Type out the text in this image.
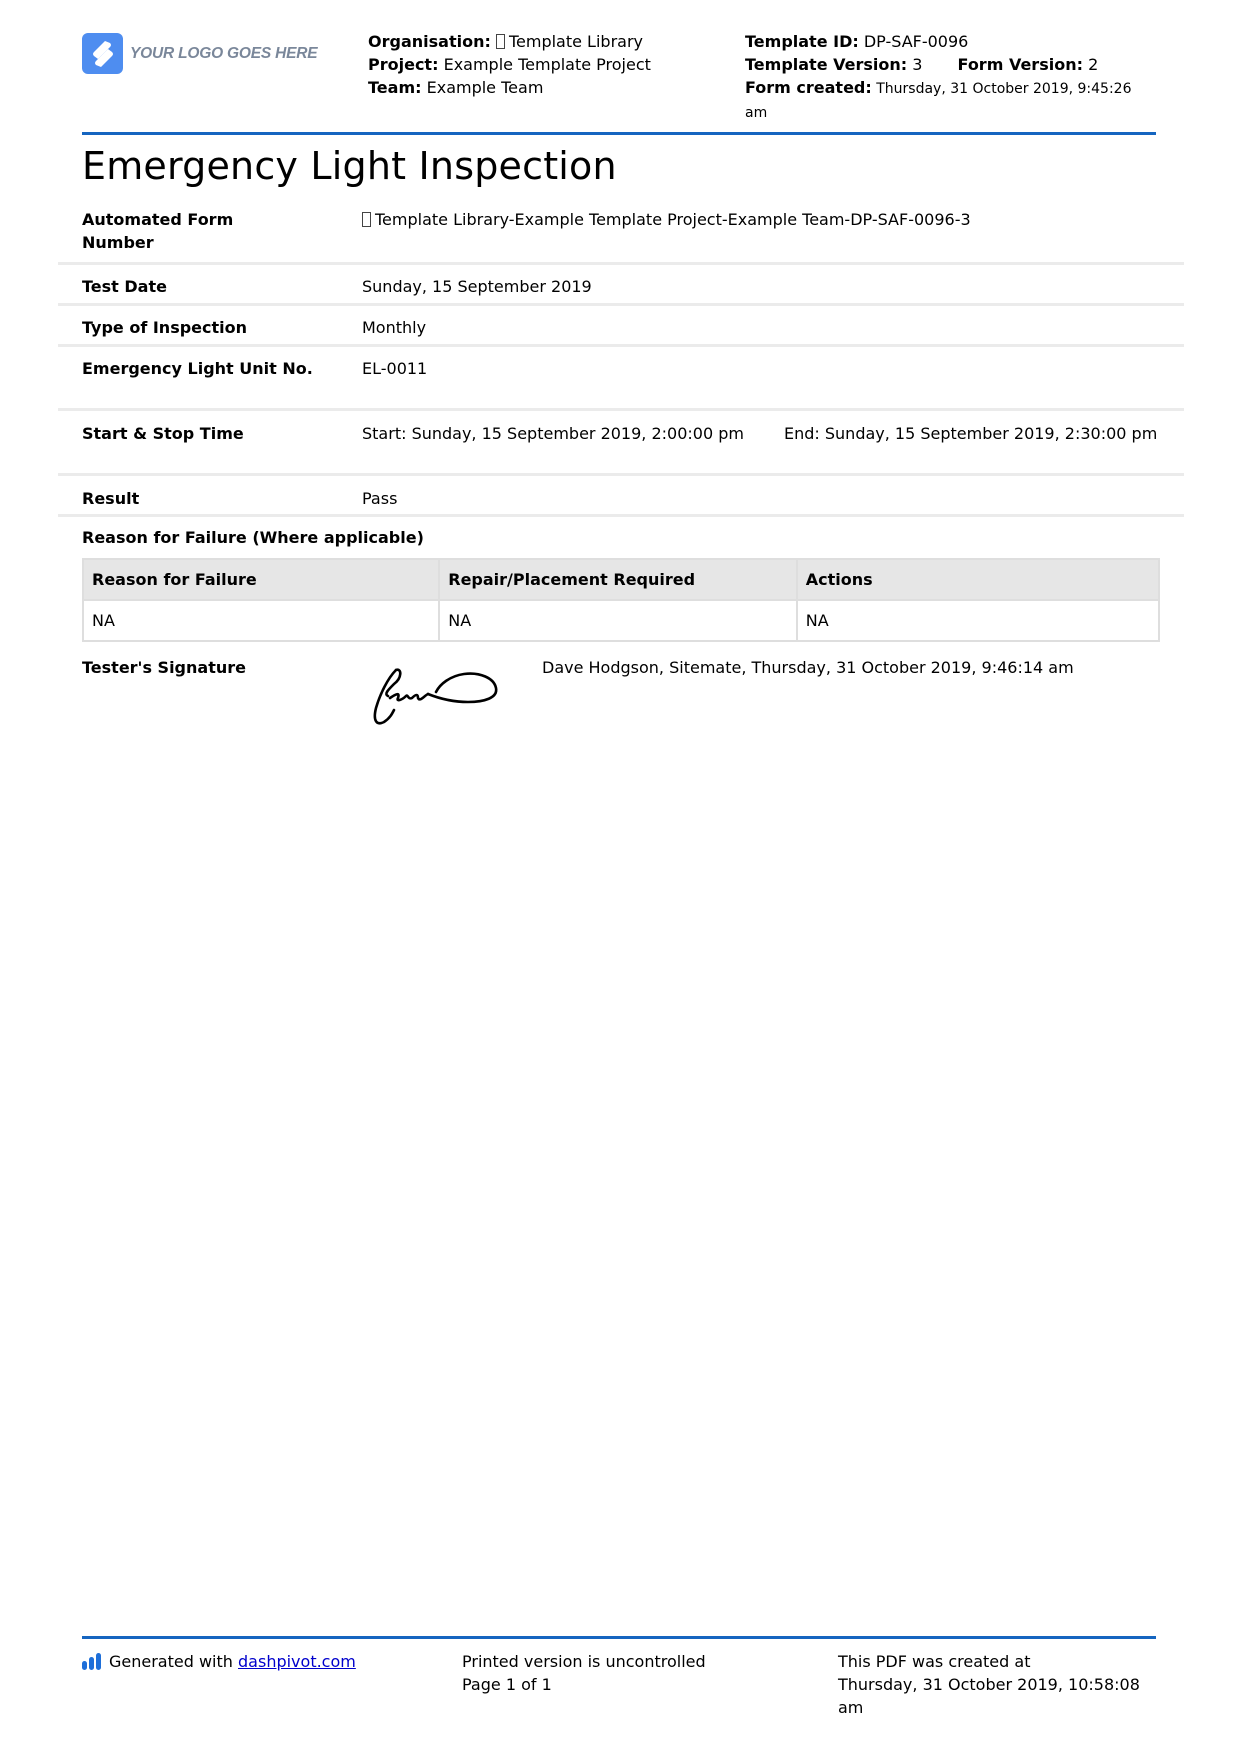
YOUR LOGO GOES HERE
Organisation: Template Library
Project: Example Template Project
Team: Example Team
Template ID: DP-SAF-0096
Template Version: 3 Form Version: 2
Form created: Thursday, 31 October 2019, 9:45:26 am
Emergency Light Inspection
Automated Form Number
Template Library-Example Template Project-Example Team-DP-SAF-0096-3
Test Date	Sunday, 15 September 2019
Type of Inspection	Monthly
Emergency Light Unit No.	EL-0011
Start & Stop Time	Start: Sunday, 15 September 2019, 2:00:00 pm	End: Sunday, 15 September 2019, 2:30:00 pm
Result	Pass
Reason for Failure (Where applicable)
Reason for Failure	Repair/Placement Required	Actions
NA	NA	NA
Tester's Signature	Dave Hodgson, Sitemate, Thursday, 31 October 2019, 9:46:14 am
Generated with
dashpivot.com	Printed version is uncontrolled
Page 1 of 1
This PDF was created at
Thursday, 31 October 2019, 10:58:08 am
